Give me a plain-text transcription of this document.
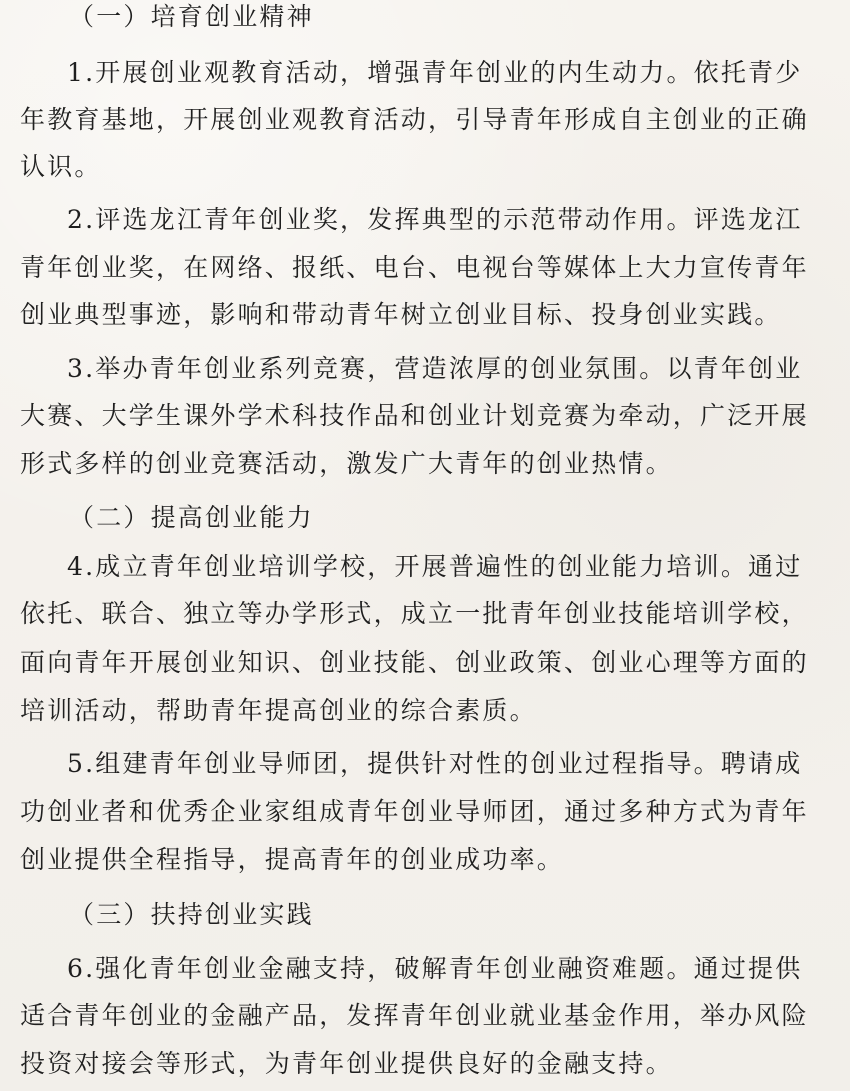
（一）培育创业精神
1.开展创业观教育活动，增强青年创业的内生动力。依托青少
年教育基地，开展创业观教育活动，引导青年形成自主创业的正确
认识。
2.评选龙江青年创业奖，发挥典型的示范带动作用。评选龙江
青年创业奖，在网络、报纸、电台、电视台等媒体上大力宣传青年
创业典型事迹，影响和带动青年树立创业目标、投身创业实践。
3.举办青年创业系列竞赛，营造浓厚的创业氛围。以青年创业
大赛、大学生课外学术科技作品和创业计划竞赛为牵动，广泛开展
形式多样的创业竞赛活动，激发广大青年的创业热情。
（二）提高创业能力
4.成立青年创业培训学校，开展普遍性的创业能力培训。通过
依托、联合、独立等办学形式，成立一批青年创业技能培训学校，
面向青年开展创业知识、创业技能、创业政策、创业心理等方面的
培训活动，帮助青年提高创业的综合素质。
5.组建青年创业导师团，提供针对性的创业过程指导。聘请成
功创业者和优秀企业家组成青年创业导师团，通过多种方式为青年
创业提供全程指导，提高青年的创业成功率。
（三）扶持创业实践
6.强化青年创业金融支持，破解青年创业融资难题。通过提供
适合青年创业的金融产品，发挥青年创业就业基金作用，举办风险
投资对接会等形式，为青年创业提供良好的金融支持。
